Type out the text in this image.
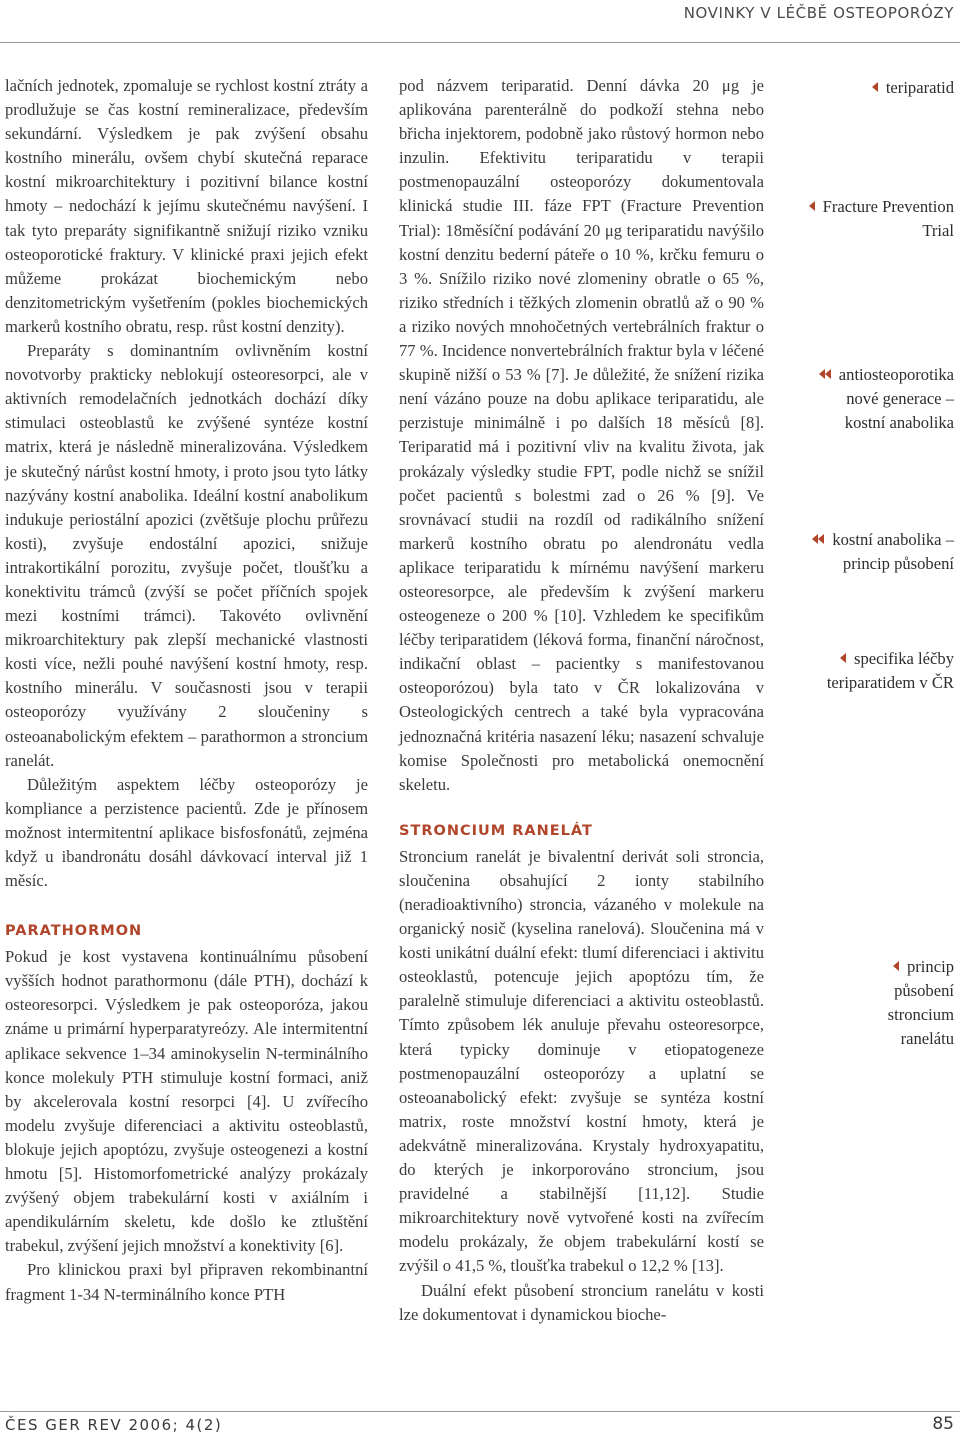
NOVINKY V LÉČBĚ OSTEOPORÓZY

lačních jednotek, zpomaluje se rychlost kostní ztráty a prodlužuje se čas kostní remineralizace, především sekundární. Výsledkem je pak zvýšení obsahu kostního minerálu, ovšem chybí skutečná reparace kostní mikroarchitektury i pozitivní bilance kostní hmoty – nedochází k jejímu skutečnému navýšení. I tak tyto preparáty signifikantně snižují riziko vzniku osteoporotické fraktury. V klinické praxi jejich efekt můžeme prokázat biochemickým nebo denzitometrickým vyšetřením (pokles biochemických markerů kostního obratu, resp. růst kostní denzity).

Preparáty s dominantním ovlivněním kostní novotvorby prakticky neblokují osteoresorpci, ale v aktivních remodelačních jednotkách dochází díky stimulaci osteoblastů ke zvýšené syntéze kostní matrix, která je následně mineralizována. Výsledkem je skutečný nárůst kostní hmoty, i proto jsou tyto látky nazývány kostní anabolika. Ideální kostní anabolikum indukuje periostální apozici (zvětšuje plochu průřezu kosti), zvyšuje endostální apozici, snižuje intrakortikální porozitu, zvyšuje počet, tloušťku a konektivitu trámců (zvýší se počet příčních spojek mezi kostními trámci). Takovéto ovlivnění mikroarchitektury pak zlepší mechanické vlastnosti kosti více, nežli pouhé navýšení kostní hmoty, resp. kostního minerálu. V současnosti jsou v terapii osteoporózy využívány 2 sloučeniny s osteoanabolickým efektem – parathormon a stroncium ranelát.

Důležitým aspektem léčby osteoporózy je kompliance a perzistence pacientů. Zde je přínosem možnost intermitentní aplikace bisfosfonátů, zejména když u ibandronátu dosáhl dávkovací interval již 1 měsíc.

PARATHORMON

Pokud je kost vystavena kontinuálnímu působení vyšších hodnot parathormonu (dále PTH), dochází k osteoresorpci. Výsledkem je pak osteoporóza, jakou známe u primární hyperparatyreózy. Ale intermitentní aplikace sekvence 1–34 aminokyselin N-terminálního konce molekuly PTH stimuluje kostní formaci, aniž by akcelerovala kostní resorpci [4]. U zvířecího modelu zvyšuje diferenciaci a aktivitu osteoblastů, blokuje jejich apoptózu, zvyšuje osteogenezi a kostní hmotu [5]. Histomorfometrické analýzy prokázaly zvýšený objem trabekulární kosti v axiálním i apendikulárním skeletu, kde došlo ke ztluštění trabekul, zvýšení jejich množství a konektivity [6].

Pro klinickou praxi byl připraven rekombinantní fragment 1-34 N-terminálního konce PTH

pod názvem teriparatid. Denní dávka 20 μg je aplikována parenterálně do podkoží stehna nebo břicha injektorem, podobně jako růstový hormon nebo inzulin. Efektivitu teriparatidu v terapii postmenopauzální osteoporózy dokumentovala klinická studie III. fáze FPT (Fracture Prevention Trial): 18měsíční podávání 20 μg teriparatidu navýšilo kostní denzitu bederní páteře o 10 %, krčku femuru o 3 %. Snížilo riziko nové zlomeniny obratle o 65 %, riziko středních i těžkých zlomenin obratlů až o 90 % a riziko nových mnohočetných vertebrálních fraktur o 77 %. Incidence nonvertebrálních fraktur byla v léčené skupině nižší o 53 % [7]. Je důležité, že snížení rizika není vázáno pouze na dobu aplikace teriparatidu, ale perzistuje minimálně i po dalších 18 měsíců [8]. Teriparatid má i pozitivní vliv na kvalitu života, jak prokázaly výsledky studie FPT, podle nichž se snížil počet pacientů s bolestmi zad o 26 % [9]. Ve srovnávací studii na rozdíl od radikálního snížení markerů kostního obratu po alendronátu vedla aplikace teriparatidu k mírnému navýšení markeru osteoresorpce, ale především k zvýšení markeru osteogeneze o 200 % [10]. Vzhledem ke specifikům léčby teriparatidem (léková forma, finanční náročnost, indikační oblast – pacientky s manifestovanou osteoporózou) byla tato v ČR lokalizována v Osteologických centrech a také byla vypracována jednoznačná kritéria nasazení léku; nasazení schvaluje komise Společnosti pro metabolická onemocnění skeletu.

STRONCIUM RANELÁT

Stroncium ranelát je bivalentní derivát soli stroncia, sloučenina obsahující 2 ionty stabilního (neradioaktivního) stroncia, vázaného v molekule na organický nosič (kyselina ranelová). Sloučenina má v kosti unikátní duální efekt: tlumí diferenciaci i aktivitu osteoklastů, potencuje jejich apoptózu tím, že paralelně stimuluje diferenciaci a aktivitu osteoblastů. Tímto způsobem lék anuluje převahu osteoresorpce, která typicky dominuje v etiopatogeneze postmenopauzální osteoporózy a uplatní se osteoanabolický efekt: zvyšuje se syntéza kostní matrix, roste množství kostní hmoty, která je adekvátně mineralizována. Krystaly hydroxyapatitu, do kterých je inkorporováno stroncium, jsou pravidelné a stabilnější [11,12]. Studie mikroarchitektury nově vytvořené kosti na zvířecím modelu prokázaly, že objem trabekulární kostí se zvýšil o 41,5 %, tloušťka trabekul o 12,2 % [13].

Duální efekt působení stroncium ranelátu v kosti lze dokumentovat i dynamickou bioche-

teriparatid
Fracture Prevention Trial
antiosteoporotika nové generace – kostní anabolika
kostní anabolika – princip působení
specifika léčby teriparatidem v ČR
princip působení stroncium ranelátu
ČES GER REV 2006; 4(2)	85
